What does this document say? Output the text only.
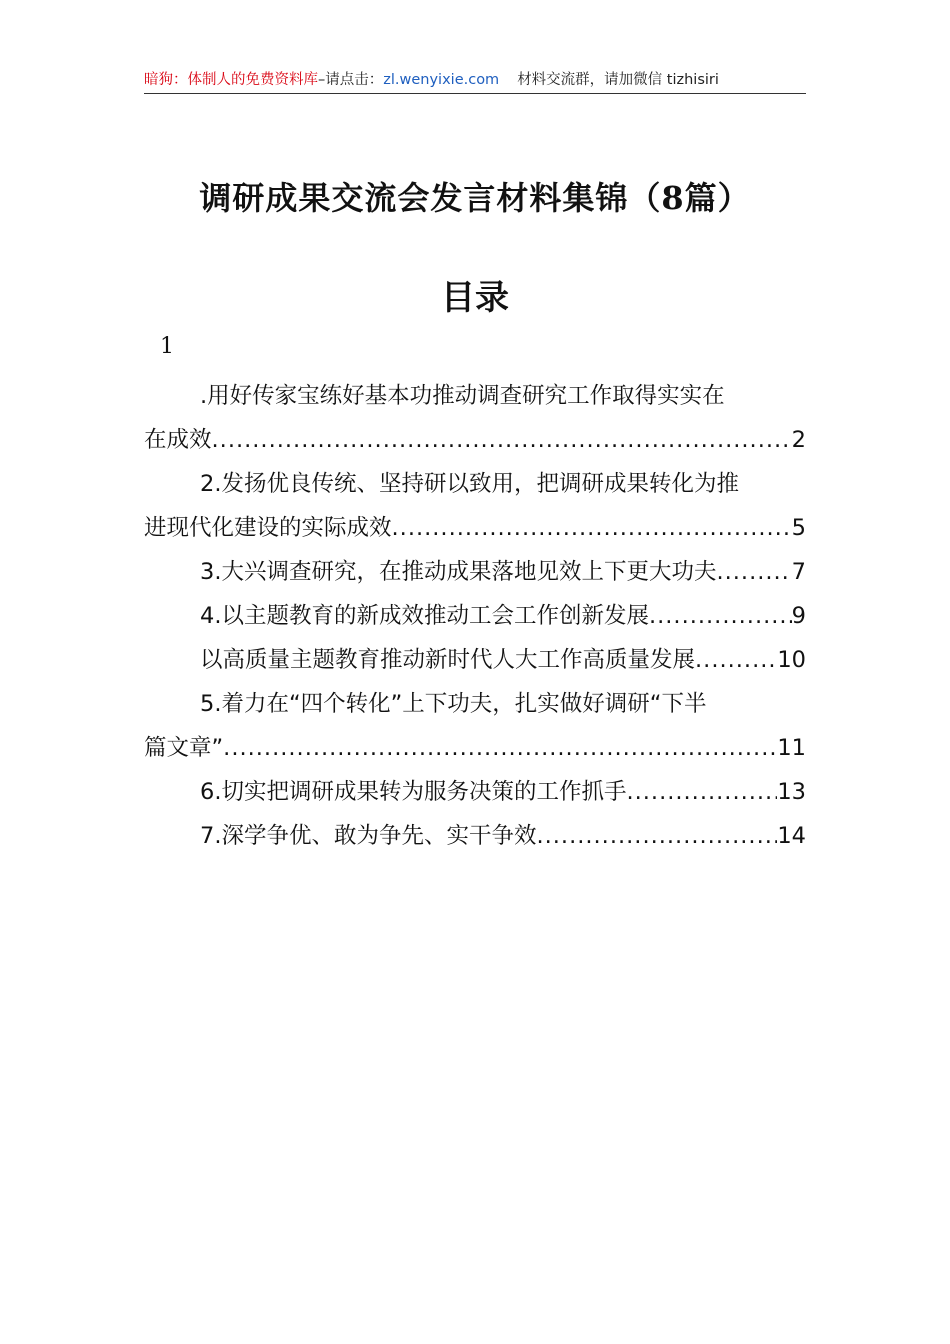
暗狗：体制人的免费资料库–请点击：zl.wenyixie.com 材料交流群，请加微信 tizhisiri
调研成果交流会发言材料集锦（8篇）
目录
1
.用好传家宝练好基本功推动调查研究工作取得实实在
在成效 .....	2
2.发扬优良传统、坚持研以致用，把调研成果转化为推
进现代化建设的实际成效 .....	5
3.大兴调查研究，在推动成果落地见效上下更大功夫 .....	7
4.以主题教育的新成效推动工会工作创新发展 .....	9
以高质量主题教育推动新时代人大工作高质量发展 .....	10
5.着力在“四个转化”上下功夫，扎实做好调研“下半
篇文章” .....	11
6.切实把调研成果转为服务决策的工作抓手 .....	13
7.深学争优、敢为争先、实干争效 .....	14
